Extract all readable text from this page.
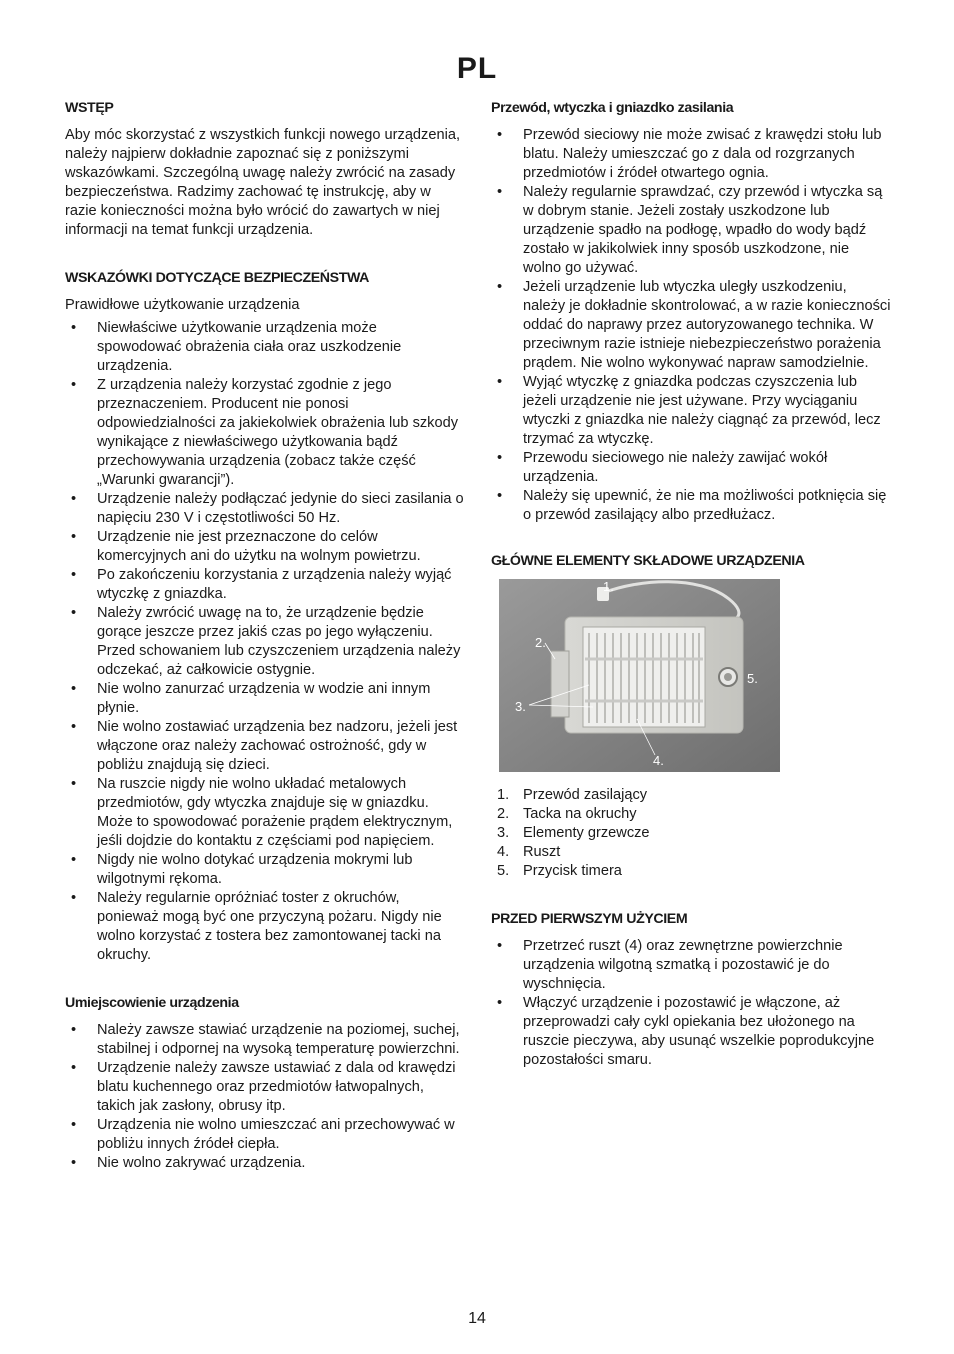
PL
WSTĘP

Aby móc skorzystać z wszystkich funkcji nowego urządzenia, należy najpierw dokładnie zapoznać się z poniższymi wskazówkami. Szczególną uwagę należy zwrócić na zasady bezpieczeństwa. Radzimy zachować tę instrukcję, aby w razie konieczności można było wrócić do zawartych w niej informacji na temat funkcji urządzenia.

WSKAZÓWKI DOTYCZĄCE BEZPIECZEŃSTWA

Prawidłowe użytkowanie urządzenia

• Niewłaściwe użytkowanie urządzenia może spowodować obrażenia ciała oraz uszkodzenie urządzenia.
• Z urządzenia należy korzystać zgodnie z jego przeznaczeniem. Producent nie ponosi odpowiedzialności za jakiekolwiek obrażenia lub szkody wynikające z niewłaściwego użytkowania bądź przechowywania urządzenia (zobacz także część „Warunki gwarancji”).
• Urządzenie należy podłączać jedynie do sieci zasilania o napięciu 230 V i częstotliwości 50 Hz.
• Urządzenie nie jest przeznaczone do celów komercyjnych ani do użytku na wolnym powietrzu.
• Po zakończeniu korzystania z urządzenia należy wyjąć wtyczkę z gniazdka.
• Należy zwrócić uwagę na to, że urządzenie będzie gorące jeszcze przez jakiś czas po jego wyłączeniu. Przed schowaniem lub czyszczeniem urządzenia należy odczekać, aż całkowicie ostygnie.
• Nie wolno zanurzać urządzenia w wodzie ani innym płynie.
• Nie wolno zostawiać urządzenia bez nadzoru, jeżeli jest włączone oraz należy zachować ostrożność, gdy w pobliżu znajdują się dzieci.
• Na ruszcie nigdy nie wolno układać metalowych przedmiotów, gdy wtyczka znajduje się w gniazdku. Może to spowodować porażenie prądem elektrycznym, jeśli dojdzie do kontaktu z częściami pod napięciem.
• Nigdy nie wolno dotykać urządzenia mokrymi lub wilgotnymi rękoma.
• Należy regularnie opróżniać toster z okruchów, ponieważ mogą być one przyczyną pożaru. Nigdy nie wolno korzystać z tostera bez zamontowanej tacki na okruchy.
Umiejscowienie urządzenia
• Należy zawsze stawiać urządzenie na poziomej, suchej, stabilnej i odpornej na wysoką temperaturę powierzchni.
• Urządzenie należy zawsze ustawiać z dala od krawędzi blatu kuchennego oraz przedmiotów łatwopalnych, takich jak zasłony, obrusy itp.
• Urządzenia nie wolno umieszczać ani przechowywać w pobliżu innych źródeł ciepła.
• Nie wolno zakrywać urządzenia.
Przewód, wtyczka i gniazdko zasilania
• Przewód sieciowy nie może zwisać z krawędzi stołu lub blatu. Należy umieszczać go z dala od rozgrzanych przedmiotów i źródeł otwartego ognia.
• Należy regularnie sprawdzać, czy przewód i wtyczka są w dobrym stanie. Jeżeli zostały uszkodzone lub urządzenie spadło na podłogę, wpadło do wody bądź zostało w jakikolwiek inny sposób uszkodzone, nie wolno go używać.
• Jeżeli urządzenie lub wtyczka uległy uszkodzeniu, należy je dokładnie skontrolować, a w razie konieczności oddać do naprawy przez autoryzowanego technika. W przeciwnym razie istnieje niebezpieczeństwo porażenia prądem. Nie wolno wykonywać napraw samodzielnie.
• Wyjąć wtyczkę z gniazdka podczas czyszczenia lub jeżeli urządzenie nie jest używane. Przy wyciąganiu wtyczki z gniazdka nie należy ciągnąć za przewód, lecz trzymać za wtyczkę.
• Przewodu sieciowego nie należy zawijać wokół urządzenia.
• Należy się upewnić, że nie ma możliwości potknięcia się o przewód zasilający albo przedłużacz.
GŁÓWNE ELEMENTY SKŁADOWE URZĄDZENIA
1.
2.
3.
4.
5.
1. Przewód zasilający
2. Tacka na okruchy
3. Elementy grzewcze
4. Ruszt
5. Przycisk timera
PRZED PIERWSZYM UŻYCIEM
• Przetrzeć ruszt (4) oraz zewnętrzne powierzchnie urządzenia wilgotną szmatką i pozostawić je do wyschnięcia.
• Włączyć urządzenie i pozostawić je włączone, aż przeprowadzi cały cykl opiekania bez ułożonego na ruszcie pieczywa, aby usunąć wszelkie poprodukcyjne pozostałości smaru.
14
